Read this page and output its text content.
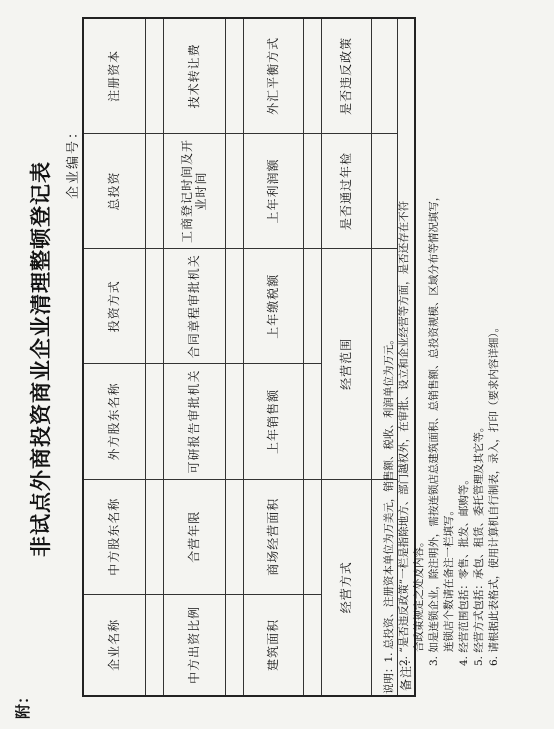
附：
非试点外商投资商业企业清理整顿登记表	企业编号：
企业名称	中方股东名称	外方股东名称	投资方式	总投资	注册资本

中方出资比例	合营年限	可研报告审批机关	合同章程审批机关	工商登记时间及开业时间	技术转让费

建筑面积	商场经营面积	上年销售额	上年缴税额	上年利润额	外汇平衡方式

经营方式		经营范围		是否通过年检	是否违反政策

备注：					
说明：1. 总投资、注册资本单位为万美元，销售额、税收、利润单位为万元。 2. “是否违反政策”一栏是指除地方、部门越权外，在审批、设立和企业经营等方面，是否还存在不符 合政策规定之处及内容。 3. 如是连锁企业，除注明外，需按连锁店总建筑面积、总销售额、总投资规模、区域分布等情况填写， 连锁店个数请在备注一栏填写。 4. 经营范围包括：零售、批发、邮购等。 5. 经营方式包括：承包、租赁、委托管理及其它等。 6. 请根据此表格式，使用计算机自行制表，录入，打印（要求内容详细）。
